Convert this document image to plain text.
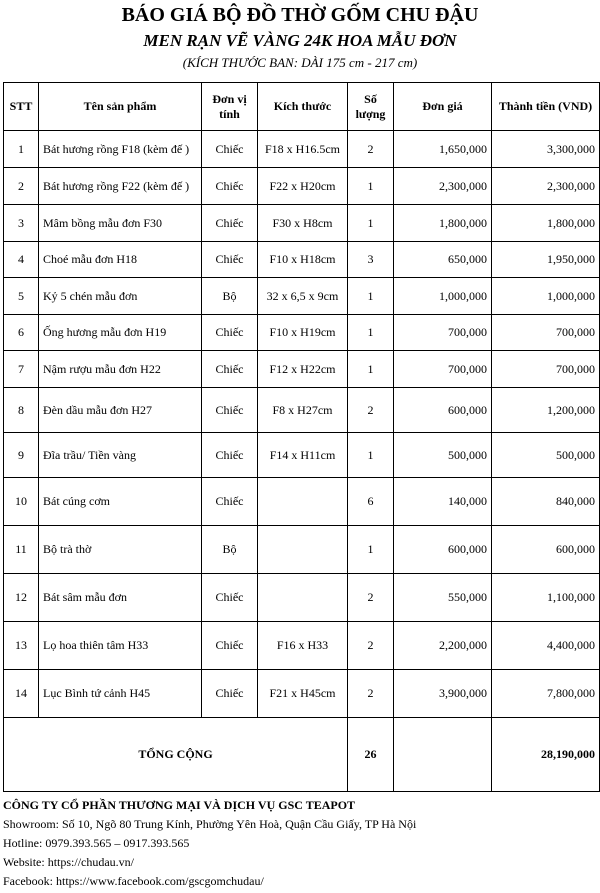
BÁO GIÁ BỘ ĐỒ THỜ GỐM CHU ĐẬU
MEN RẠN VẼ VÀNG 24K HOA MẪU ĐƠN
(KÍCH THƯỚC BAN: DÀI 175 cm - 217 cm)
STT	Tên sản phẩm	Đơn vị tính	Kích thước	Số lượng	Đơn giá	Thành tiền (VND)
1	Bát hương rồng F18 (kèm đế )	Chiếc	F18 x H16.5cm	2	1,650,000	3,300,000
2	Bát hương rồng F22 (kèm đế )	Chiếc	F22 x H20cm	1	2,300,000	2,300,000
3	Mâm bồng mẫu đơn F30	Chiếc	F30 x H8cm	1	1,800,000	1,800,000
4	Choé mẫu đơn H18	Chiếc	F10 x H18cm	3	650,000	1,950,000
5	Kỷ 5 chén mẫu đơn	Bộ	32 x 6,5 x 9cm	1	1,000,000	1,000,000
6	Ống hương mẫu đơn H19	Chiếc	F10 x H19cm	1	700,000	700,000
7	Nậm rượu mẫu đơn H22	Chiếc	F12 x H22cm	1	700,000	700,000
8	Đèn dầu mẫu đơn H27	Chiếc	F8 x H27cm	2	600,000	1,200,000
9	Đĩa trầu/ Tiền vàng	Chiếc	F14 x H11cm	1	500,000	500,000
10	Bát cúng cơm	Chiếc		6	140,000	840,000
11	Bộ trà thờ	Bộ		1	600,000	600,000
12	Bát sâm mẫu đơn	Chiếc		2	550,000	1,100,000
13	Lọ hoa thiên tâm H33	Chiếc	F16 x H33	2	2,200,000	4,400,000
14	Lục Bình tứ cảnh H45	Chiếc	F21 x H45cm	2	3,900,000	7,800,000
TỔNG CỘNG				26		28,190,000
CÔNG TY CỔ PHẦN THƯƠNG MẠI VÀ DỊCH VỤ GSC TEAPOT
Showroom: Số 10, Ngõ 80 Trung Kính, Phường Yên Hoà, Quận Cầu Giấy, TP Hà Nội
Hotline: 0979.393.565 – 0917.393.565
Website: https://chudau.vn/
Facebook: https://www.facebook.com/gscgomchudau/
